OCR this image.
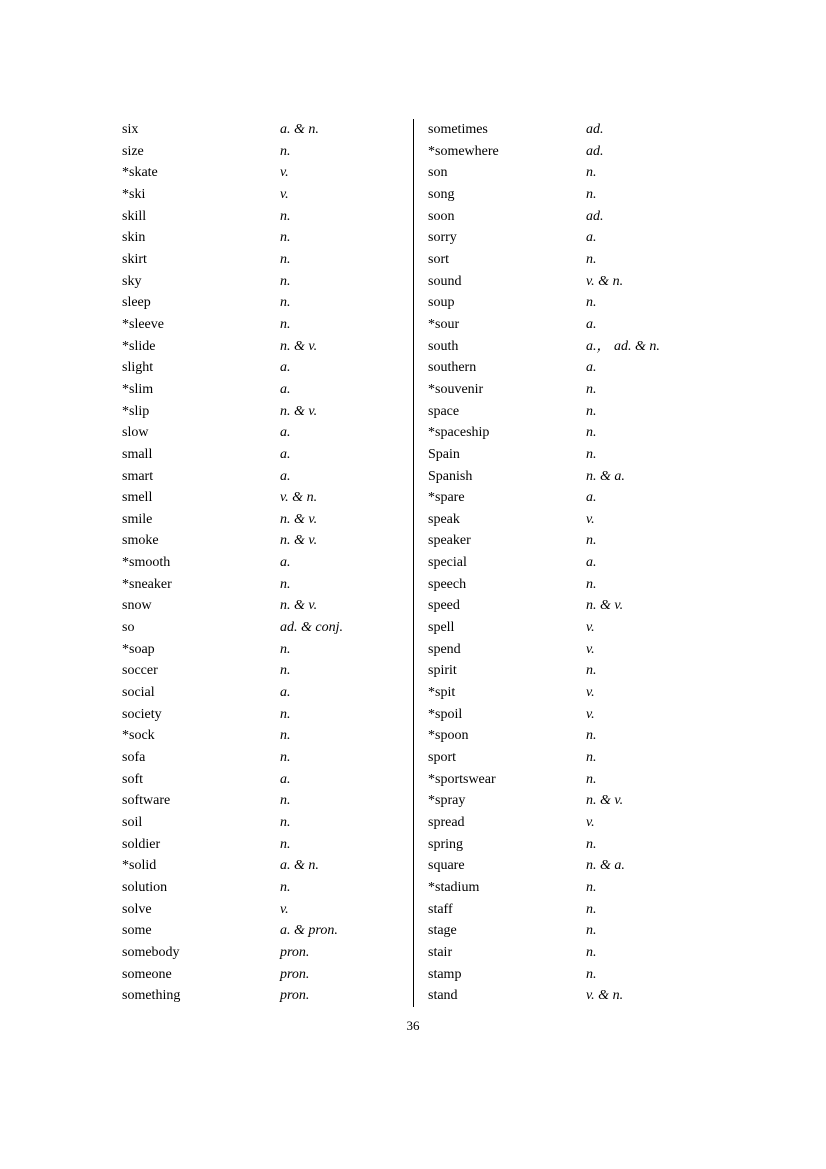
six	a. & n.
size	n.
*skate	v.
*ski	v.
skill	n.
skin	n.
skirt	n.
sky	n.
sleep	n.
*sleeve	n.
*slide	n. & v.
slight	a.
*slim	a.
*slip	n. & v.
slow	a.
small	a.
smart	a.
smell	v. & n.
smile	n. & v.
smoke	n. & v.
*smooth	a.
*sneaker	n.
snow	n. & v.
so	ad. & conj.
*soap	n.
soccer	n.
social	a.
society	n.
*sock	n.
sofa	n.
soft	a.
software	n.
soil	n.
soldier	n.
*solid	a. & n.
solution	n.
solve	v.
some	a. & pron.
somebody	pron.
someone	pron.
something	pron.
sometimes	ad.
*somewhere	ad.
son	n.
song	n.
soon	ad.
sorry	a.
sort	n.
sound	v. & n.
soup	n.
*sour	a.
south	a.， ad. & n.
southern	a.
*souvenir	n.
space	n.
*spaceship	n.
Spain	n.
Spanish	n. & a.
*spare	a.
speak	v.
speaker	n.
special	a.
speech	n.
speed	n. & v.
spell	v.
spend	v.
spirit	n.
*spit	v.
*spoil	v.
*spoon	n.
sport	n.
*sportswear	n.
*spray	n. & v.
spread	v.
spring	n.
square	n. & a.
*stadium	n.
staff	n.
stage	n.
stair	n.
stamp	n.
stand	v. & n.
36
